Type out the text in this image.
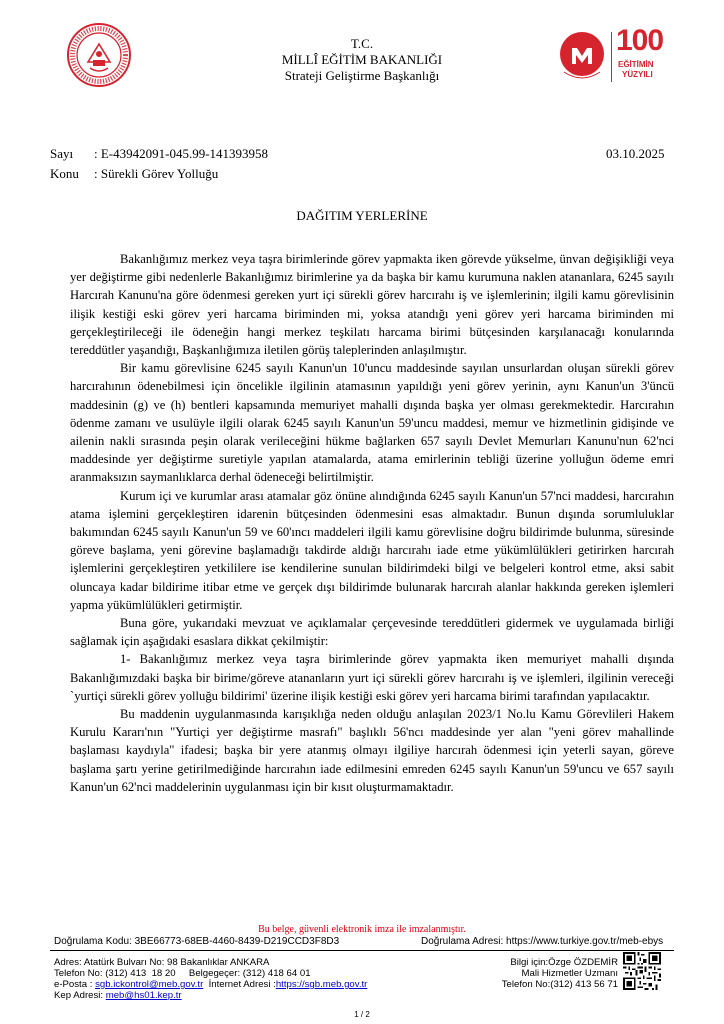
100
EĞİTİMİN
YÜZYILI
T.C.
MİLLÎ EĞİTİM BAKANLIĞI
Strateji Geliştirme Başkanlığı
Sayı : E-43942091-045.99-141393958	03.10.2025
Konu : Sürekli Görev Yolluğu
DAĞITIM YERLERİNE

Bakanlığımız merkez veya taşra birimlerinde görev yapmakta iken görevde yükselme, ünvan değişikliği veya yer değiştirme gibi nedenlerle Bakanlığımız birimlerine ya da başka bir kamu kurumuna naklen atananlara, 6245 sayılı Harcırah Kanunu'na göre ödenmesi gereken yurt içi sürekli görev harcırahı iş ve işlemlerinin; ilgili kamu görevlisinin ilişik kestiği eski görev yeri harcama biriminden mi, yoksa atandığı yeni görev yeri harcama biriminden mi gerçekleştirileceği ile ödeneğin hangi merkez teşkilatı harcama birimi bütçesinden karşılanacağı konularında tereddütler yaşandığı, Başkanlığımıza iletilen görüş taleplerinden anlaşılmıştır.

Bir kamu görevlisine 6245 sayılı Kanun'un 10'uncu maddesinde sayılan unsurlardan oluşan sürekli görev harcırahının ödenebilmesi için öncelikle ilgilinin atamasının yapıldığı yeni görev yerinin, aynı Kanun'un 3'üncü maddesinin (g) ve (h) bentleri kapsamında memuriyet mahalli dışında başka yer olması gerekmektedir. Harcırahın ödenme zamanı ve usulüyle ilgili olarak 6245 sayılı Kanun'un 59'uncu maddesi, memur ve hizmetlinin gidişinde ve ailenin nakli sırasında peşin olarak verileceğini hükme bağlarken 657 sayılı Devlet Memurları Kanunu'nun 62'nci maddesinde yer değiştirme suretiyle yapılan atamalarda, atama emirlerinin tebliği üzerine yolluğun ödeme emri aranmaksızın saymanlıklarca derhal ödeneceği belirtilmiştir.

Kurum içi ve kurumlar arası atamalar göz önüne alındığında 6245 sayılı Kanun'un 57'nci maddesi, harcırahın atama işlemini gerçekleştiren idarenin bütçesinden ödenmesini esas almaktadır. Bunun dışında sorumluluklar bakımından 6245 sayılı Kanun'un 59 ve 60'ıncı maddeleri ilgili kamu görevlisine doğru bildirimde bulunma, süresinde göreve başlama, yeni görevine başlamadığı takdirde aldığı harcırahı iade etme yükümlülükleri getirirken harcırah işlemlerini gerçekleştiren yetkililere ise kendilerine sunulan bildirimdeki bilgi ve belgeleri kontrol etme, aksi sabit oluncaya kadar bildirime itibar etme ve gerçek dışı bildirimde bulunarak harcırah alanlar hakkında gereken işlemleri yapma yükümlülükleri getirmiştir.

Buna göre, yukarıdaki mevzuat ve açıklamalar çerçevesinde tereddütleri gidermek ve uygulamada birliği sağlamak için aşağıdaki esaslara dikkat çekilmiştir:

1- Bakanlığımız merkez veya taşra birimlerinde görev yapmakta iken memuriyet mahalli dışında Bakanlığımızdaki başka bir birime/göreve atananların yurt içi sürekli görev harcırahı iş ve işlemleri, ilgilinin vereceği `yurtiçi sürekli görev yolluğu bildirimi' üzerine ilişik kestiği eski görev yeri harcama birimi tarafından yapılacaktır.

Bu maddenin uygulanmasında karışıklığa neden olduğu anlaşılan 2023/1 No.lu Kamu Görevlileri Hakem Kurulu Kararı'nın "Yurtiçi yer değiştirme masrafı" başlıklı 56'ncı maddesinde yer alan "yeni görev mahallinde başlaması kaydıyla" ifadesi; başka bir yere atanmış olmayı ilgiliye harcırah ödenmesi için yeterli sayan, göreve başlama şartı yerine getirilmediğinde harcırahın iade edilmesini emreden 6245 sayılı Kanun'un 59'uncu ve 657 sayılı Kanun'un 62'nci maddelerinin uygulanması için bir kısıt oluşturmamaktadır.

Bu belge, güvenli elektronik imza ile imzalanmıştır.
Doğrulama Kodu: 3BE66773-68EB-4460-8439-D219CCD3F8D3	Doğrulama Adresi: https://www.turkiye.gov.tr/meb-ebys
Adres: Atatürk Bulvarı No: 98 Bakanlıklar ANKARA
Telefon No: (312) 413  18 20     Belgegeçer: (312) 418 64 01
e-Posta : sgb.ickontrol@meb.gov.tr  İnternet Adresi :https://sgb.meb.gov.tr
Kep Adresi: meb@hs01.kep.tr
Bilgi için:Özge ÖZDEMİR
Mali Hizmetler Uzmanı
Telefon No:(312) 413 56 71
1 / 2
